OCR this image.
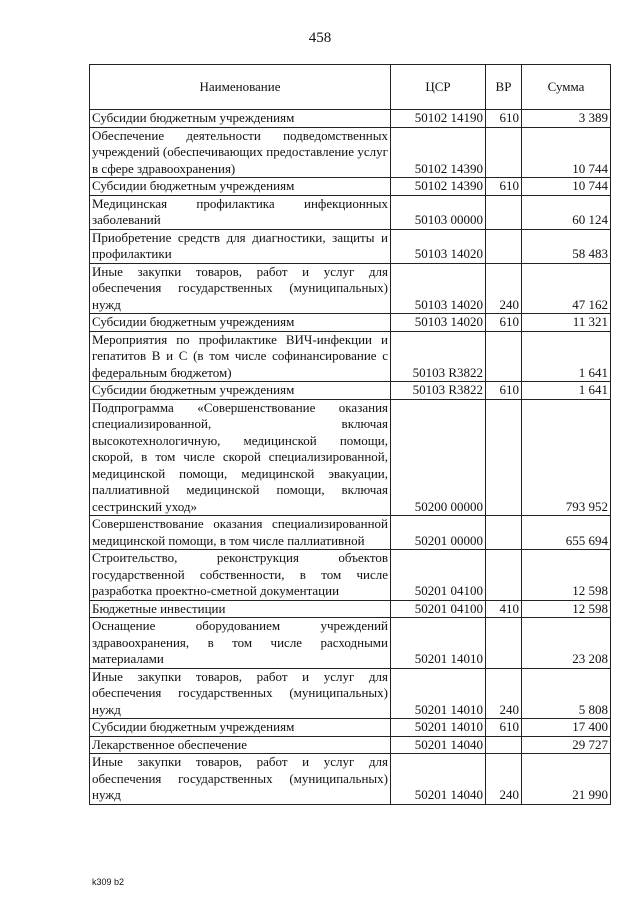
458
Наименование	ЦСР	ВР	Сумма
Субсидии бюджетным учреждениям	50102 14190	610	3 389
Обеспечение деятельности подведомственных учреждений (обеспечивающих предоставление услуг в сфере здравоохранения)	50102 14390		10 744
Субсидии бюджетным учреждениям	50102 14390	610	10 744
Медицинская профилактика инфекционных заболеваний	50103 00000		60 124
Приобретение средств для диагностики, защиты и профилактики	50103 14020		58 483
Иные закупки товаров, работ и услуг для обеспечения государственных (муниципальных) нужд	50103 14020	240	47 162
Субсидии бюджетным учреждениям	50103 14020	610	11 321
Мероприятия по профилактике ВИЧ-инфекции и гепатитов В и С (в том числе софинансирование с федеральным бюджетом)	50103 R3822		1 641
Субсидии бюджетным учреждениям	50103 R3822	610	1 641
Подпрограмма «Совершенствование оказания специализированной, включая высокотехнологичную, медицинской помощи, скорой, в том числе скорой специализированной, медицинской помощи, медицинской эвакуации, паллиативной медицинской помощи, включая сестринский уход»	50200 00000		793 952
Совершенствование оказания специализированной медицинской помощи, в том числе паллиативной	50201 00000		655 694
Строительство, реконструкция объектов государственной собственности, в том числе разработка проектно-сметной документации	50201 04100		12 598
Бюджетные инвестиции	50201 04100	410	12 598
Оснащение оборудованием учреждений здравоохранения, в том числе расходными материалами	50201 14010		23 208
Иные закупки товаров, работ и услуг для обеспечения государственных (муниципальных) нужд	50201 14010	240	5 808
Субсидии бюджетным учреждениям	50201 14010	610	17 400
Лекарственное обеспечение	50201 14040		29 727
Иные закупки товаров, работ и услуг для обеспечения государственных (муниципальных) нужд	50201 14040	240	21 990
k309 b2
